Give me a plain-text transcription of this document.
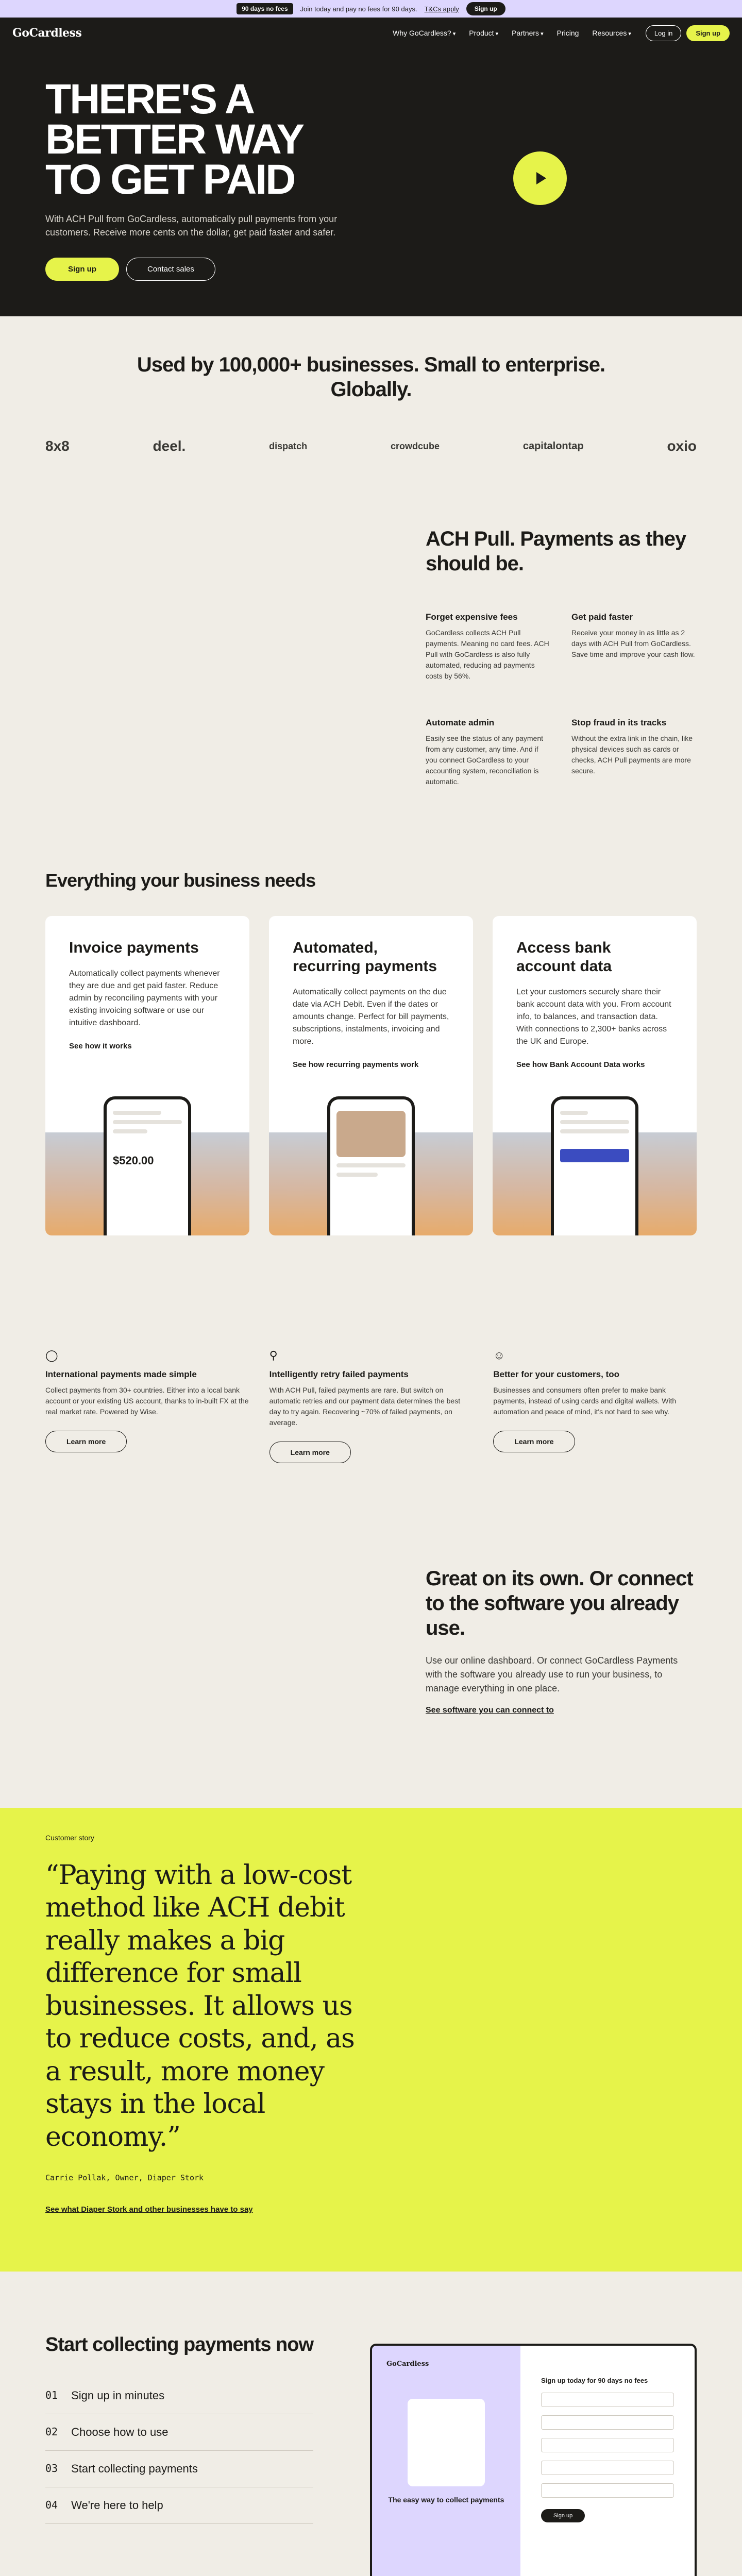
90 days no fees	Join today and pay no fees for 90 days. T&Cs apply	Sign up
GoCardless	Why GoCardless? ▾	Product ▾	Partners ▾	Pricing Resources ▾	Log in	Sign up
THERE'S A BETTER WAY TO GET PAID

With ACH Pull from GoCardless, automatically pull payments from your customers. Receive more cents on the dollar, get paid faster and safer.

Sign up	Contact sales
Used by 100,000+ businesses. Small to enterprise. Globally.
8x8	deel.	dispatch	crowdcube	capitalontap	oxio
ACH Pull. Payments as they should be.
Forget expensive fees

GoCardless collects ACH Pull payments. Meaning no card fees. ACH Pull with GoCardless is also fully automated, reducing ad payments costs by 56%.

Get paid faster

Receive your money in as little as 2 days with ACH Pull from GoCardless. Save time and improve your cash flow.

Automate admin

Easily see the status of any payment from any customer, any time. And if you connect GoCardless to your accounting system, reconciliation is automatic.

Stop fraud in its tracks

Without the extra link in the chain, like physical devices such as cards or checks, ACH Pull payments are more secure.

Everything your business needs
Invoice payments

Automatically collect payments whenever they are due and get paid faster. Reduce admin by reconciling payments with your existing invoicing software or use our intuitive dashboard.

See how it works
$520.00
Automated, recurring payments

Automatically collect payments on the due date via ACH Debit. Even if the dates or amounts change. Perfect for bill payments, subscriptions, instalments, invoicing and more.

See how recurring payments work
Access bank account data

Let your customers securely share their bank account data with you. From account info, to balances, and transaction data. With connections to 2,300+ banks across the UK and Europe.

See how Bank Account Data works
◯
International payments made simple

Collect payments from 30+ countries. Either into a local bank account or your existing US account, thanks to in-built FX at the real market rate. Powered by Wise.

Learn more
⚲
Intelligently retry failed payments

With ACH Pull, failed payments are rare. But switch on automatic retries and our payment data determines the best day to try again. Recovering ~70% of failed payments, on average.

Learn more
☺
Better for your customers, too

Businesses and consumers often prefer to make bank payments, instead of using cards and digital wallets. With automation and peace of mind, it's not hard to see why.

Learn more
Great on its own. Or connect to the software you already use.

Use our online dashboard. Or connect GoCardless Payments with the software you already use to run your business, to manage everything in one place.

See software you can connect to
Customer story
“Paying with a low-cost method like ACH debit really makes a big difference for small businesses. It allows us to reduce costs, and, as a result, more money stays in the local economy.”
Carrie Pollak, Owner, Diaper Stork
See what Diaper Stork and other businesses have to say
Start collecting payments now
01 Sign up in minutes
02 Choose how to use
03 Start collecting payments
04 We're here to help
GoCardless
The easy way to collect payments
Sign up today for 90 days no fees
Sign up
